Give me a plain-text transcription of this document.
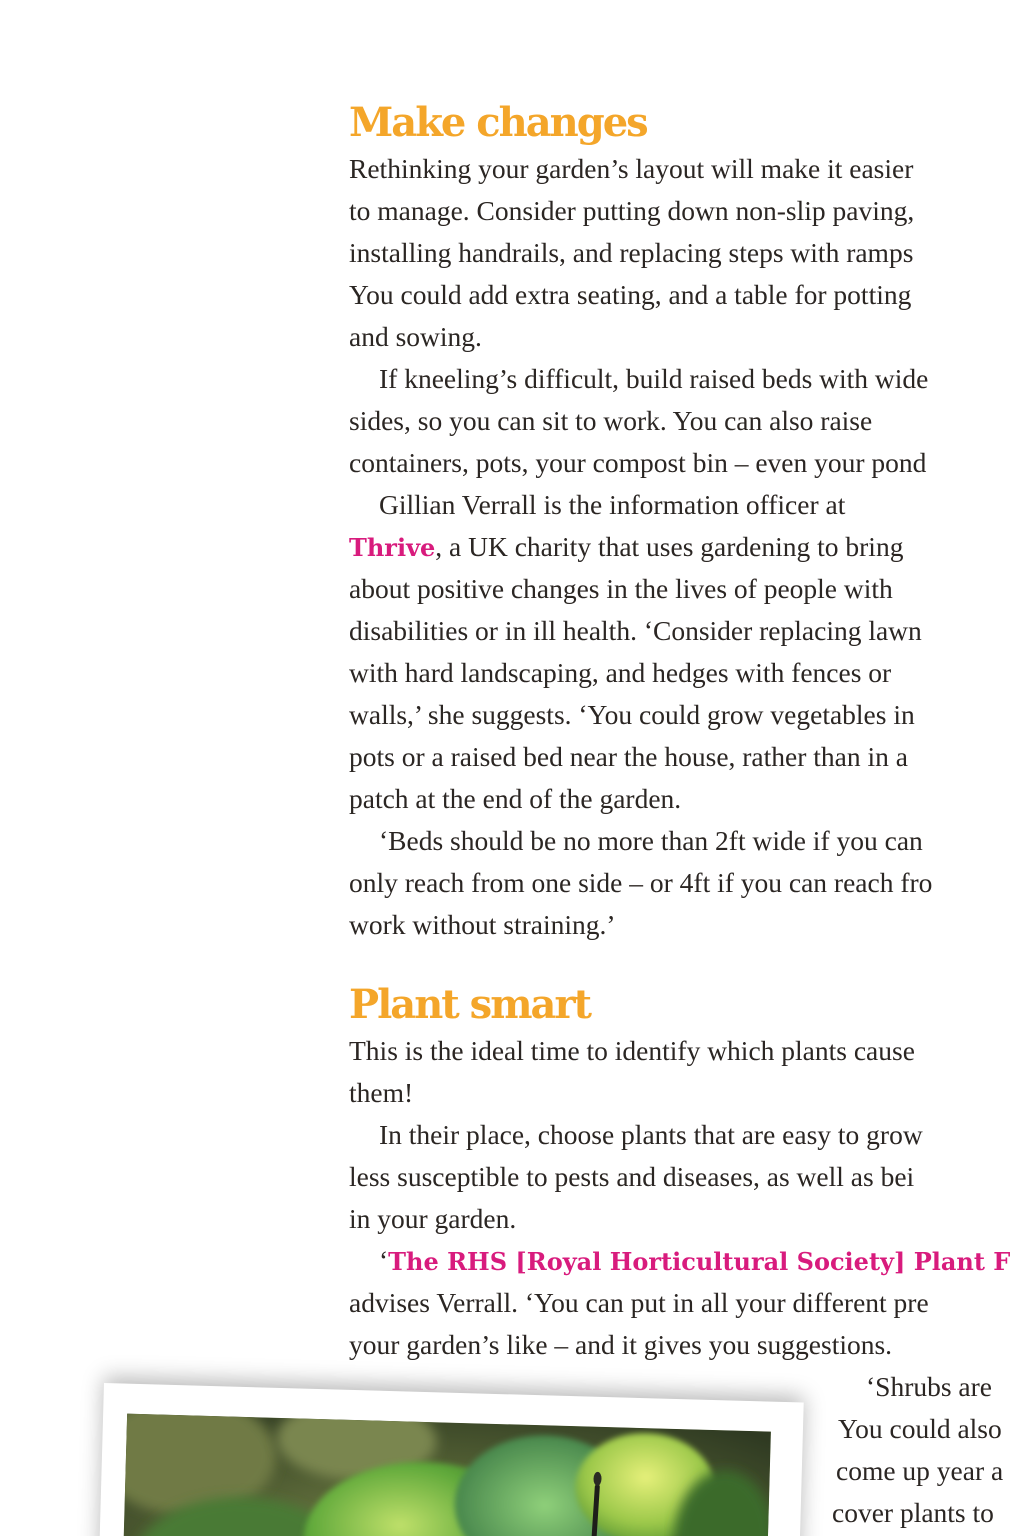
Make changes

Rethinking your garden’s layout will make it easier

to manage. Consider putting down non-slip paving,

installing handrails, and replacing steps with ramps

You could add extra seating, and a table for potting

and sowing.

If kneeling’s difficult, build raised beds with wide

sides, so you can sit to work. You can also raise

containers, pots, your compost bin – even your pond

Gillian Verrall is the information officer at

Thrive, a UK charity that uses gardening to bring

about positive changes in the lives of people with

disabilities or in ill health. ‘Consider replacing lawn

with hard landscaping, and hedges with fences or

walls,’ she suggests. ‘You could grow vegetables in

pots or a raised bed near the house, rather than in a

patch at the end of the garden.

‘Beds should be no more than 2ft wide if you can

only reach from one side – or 4ft if you can reach fro

work without straining.’

Plant smart

This is the ideal time to identify which plants cause

them!

In their place, choose plants that are easy to grow

less susceptible to pests and diseases, as well as bei

in your garden.

‘The RHS [Royal Horticultural Society] Plant F

advises Verrall. ‘You can put in all your different pre

your garden’s like – and it gives you suggestions.

‘Shrubs are

You could also

come up year a

cover plants to
